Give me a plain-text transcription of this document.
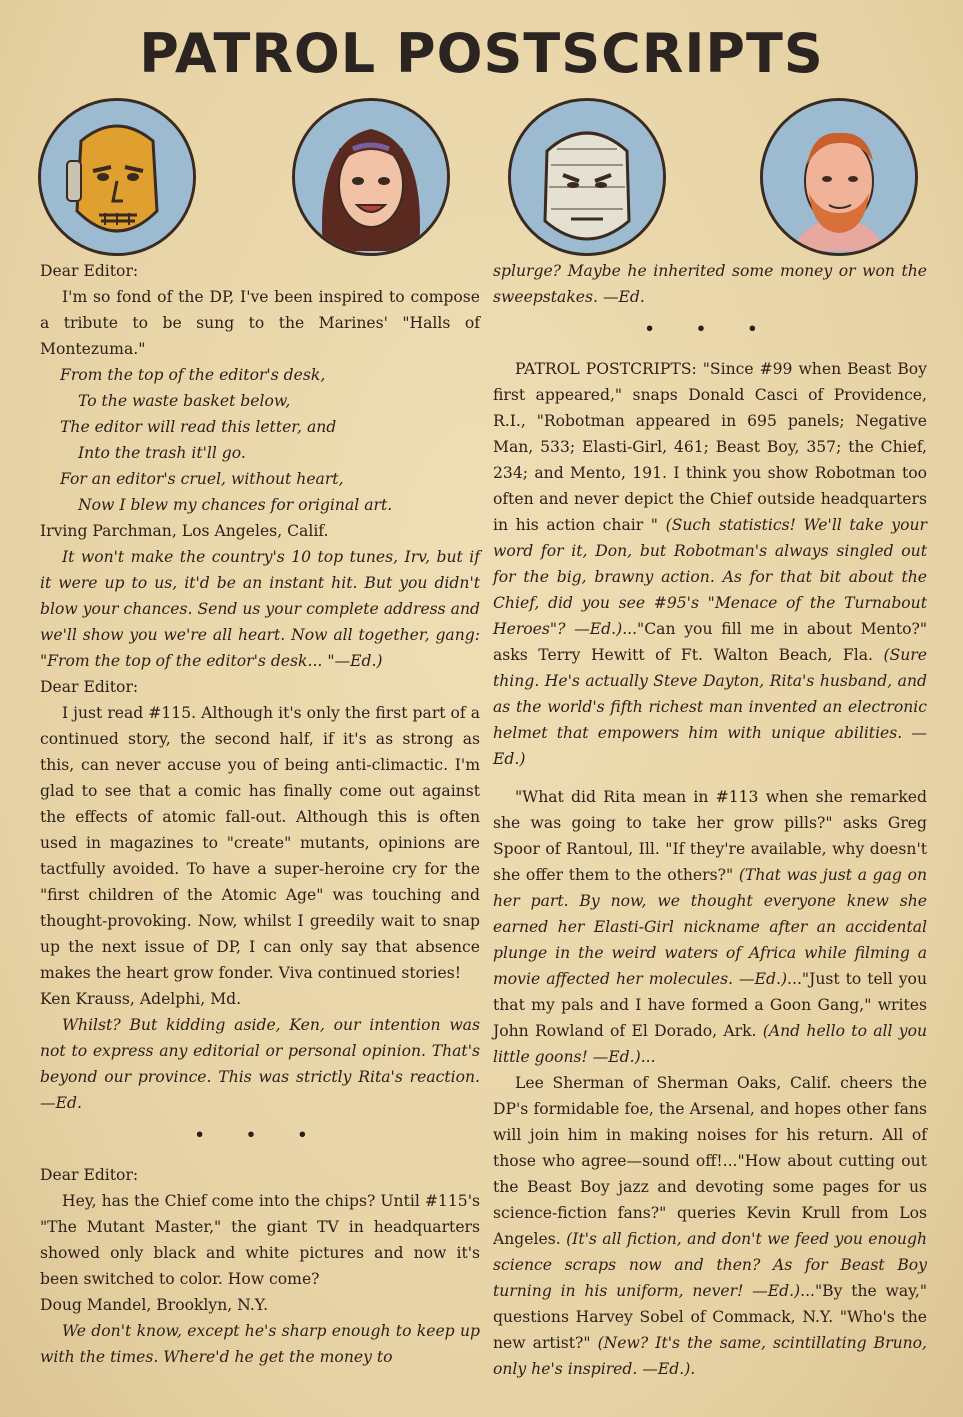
PATROL POSTSCRIPTS

Dear Editor:

I'm so fond of the DP, I've been inspired to compose a tribute to be sung to the Marines' "Halls of Montezuma."

From the top of the editor's desk,
To the waste basket below,
The editor will read this letter, and
Into the trash it'll go.
For an editor's cruel, without heart,
Now I blew my chances for original art.

Irving Parchman, Los Angeles, Calif.

It won't make the country's 10 top tunes, Irv, but if it were up to us, it'd be an instant hit. But you didn't blow your chances. Send us your complete address and we'll show you we're all heart. Now all together, gang: "From the top of the editor's desk... "—Ed.)

Dear Editor:

I just read #115. Although it's only the first part of a continued story, the second half, if it's as strong as this, can never accuse you of being anti-climactic. I'm glad to see that a comic has finally come out against the effects of atomic fall-out. Although this is often used in magazines to "create" mutants, opinions are tactfully avoided. To have a super-heroine cry for the "first children of the Atomic Age" was touching and thought-provoking. Now, whilst I greedily wait to snap up the next issue of DP, I can only say that absence makes the heart grow fonder. Viva continued stories!

Ken Krauss, Adelphi, Md.

Whilst? But kidding aside, Ken, our intention was not to express any editorial or personal opinion. That's beyond our province. This was strictly Rita's reaction. —Ed.

• • •

Dear Editor:

Hey, has the Chief come into the chips? Until #115's "The Mutant Master," the giant TV in headquarters showed only black and white pictures and now it's been switched to color. How come?

Doug Mandel, Brooklyn, N.Y.

We don't know, except he's sharp enough to keep up with the times. Where'd he get the money to

splurge? Maybe he inherited some money or won the sweepstakes. —Ed.

• • •

PATROL POSTCRIPTS: "Since #99 when Beast Boy first appeared," snaps Donald Casci of Providence, R.I., "Robotman appeared in 695 panels; Negative Man, 533; Elasti-Girl, 461; Beast Boy, 357; the Chief, 234; and Mento, 191. I think you show Robotman too often and never depict the Chief outside headquarters in his action chair " (Such statistics! We'll take your word for it, Don, but Robotman's always singled out for the big, brawny action. As for that bit about the Chief, did you see #95's "Menace of the Turnabout Heroes"? —Ed.)..."Can you fill me in about Mento?" asks Terry Hewitt of Ft. Walton Beach, Fla. (Sure thing. He's actually Steve Dayton, Rita's husband, and as the world's fifth richest man invented an electronic helmet that empowers him with unique abilities. —Ed.)

"What did Rita mean in #113 when she remarked she was going to take her grow pills?" asks Greg Spoor of Rantoul, Ill. "If they're available, why doesn't she offer them to the others?" (That was just a gag on her part. By now, we thought everyone knew she earned her Elasti-Girl nickname after an accidental plunge in the weird waters of Africa while filming a movie affected her molecules. —Ed.)..."Just to tell you that my pals and I have formed a Goon Gang," writes John Rowland of El Dorado, Ark. (And hello to all you little goons! —Ed.)...

Lee Sherman of Sherman Oaks, Calif. cheers the DP's formidable foe, the Arsenal, and hopes other fans will join him in making noises for his return. All of those who agree—sound off!..."How about cutting out the Beast Boy jazz and devoting some pages for us science-fiction fans?" queries Kevin Krull from Los Angeles. (It's all fiction, and don't we feed you enough science scraps now and then? As for Beast Boy turning in his uniform, never! —Ed.)..."By the way," questions Harvey Sobel of Commack, N.Y. "Who's the new artist?" (New? It's the same, scintillating Bruno, only he's inspired. —Ed.).
